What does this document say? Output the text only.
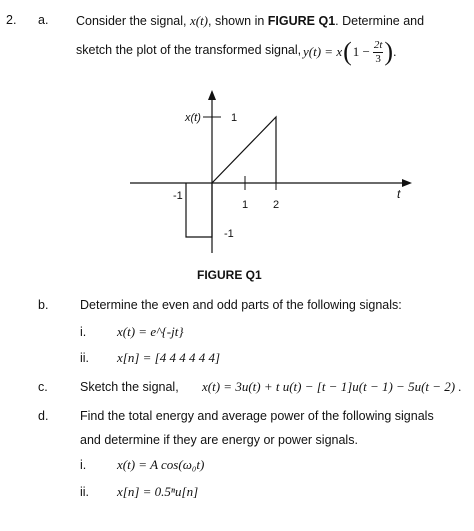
2. a. Consider the signal, x(t), shown in FIGURE Q1. Determine and
sketch the plot of the transformed signal, y(t) = x ( $1 - \frac{2t}{3}$ ) .
x(t)	1
-1
-1
1 2
t
FIGURE Q1
b.	Determine the even and odd parts of the following signals:
i. x(t) = e^{-jt}
ii. x[n] = [4 4 4 4 4 4]
c.	Sketch the signal, x(t) = 3u(t) + t u(t) − [t − 1]u(t − 1) − 5u(t − 2) .
d.	Find the total energy and average power of the following signals
and determine if they are energy or power signals.
i. x(t) = A cos(ω₀t)
ii. x[n] = 0.5ⁿu[n]
